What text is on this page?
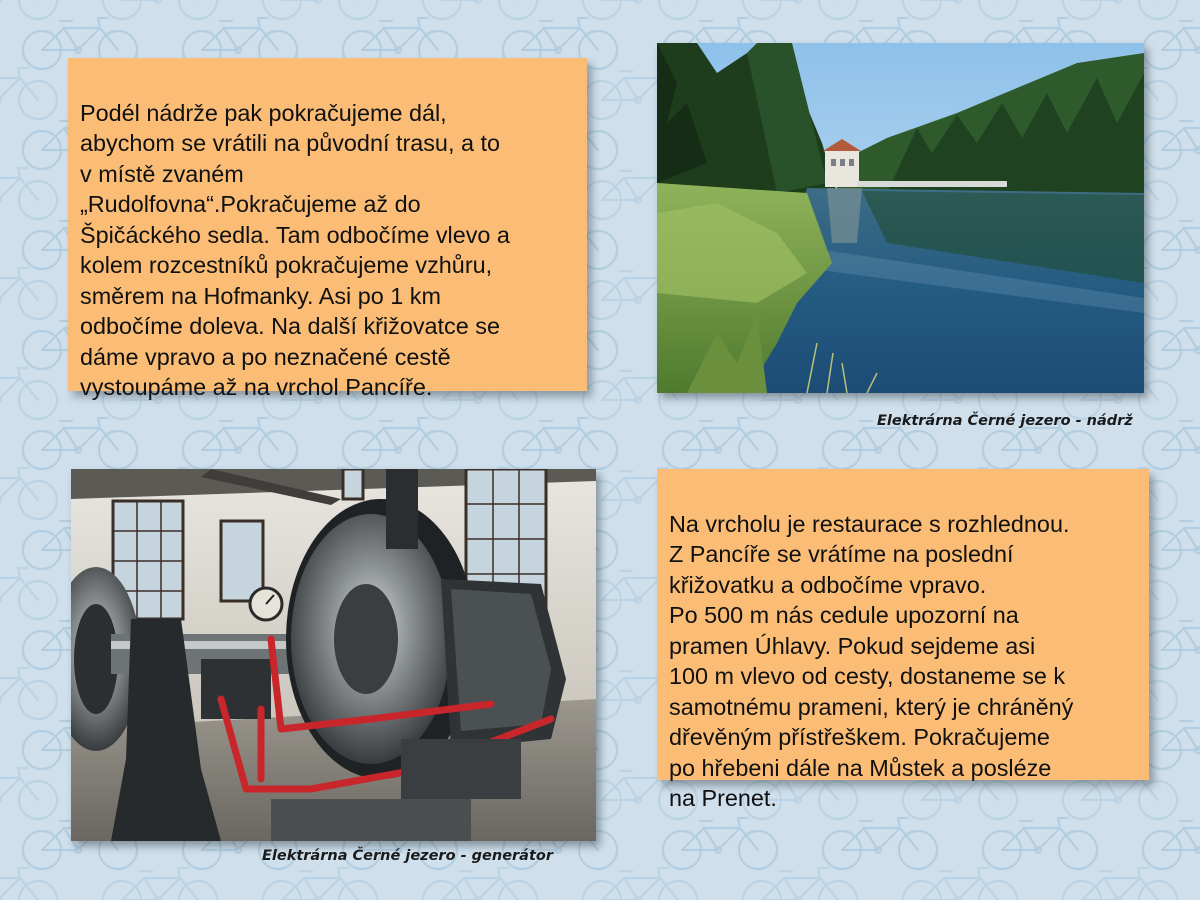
Podél nádrže pak pokračujeme dál,
abychom se vrátili na původní trasu, a to
v místě zvaném
„Rudolfovna“.Pokračujeme až do
Špičáckého sedla. Tam odbočíme vlevo a
kolem rozcestníků pokračujeme vzhůru,
směrem na Hofmanky. Asi po 1 km
odbočíme doleva. Na další křižovatce se
dáme vpravo a po neznačené cestě
vystoupáme až na vrchol Pancíře.

Elektrárna Černé jezero - nádrž
Elektrárna Černé jezero - generátor

Na vrcholu je restaurace s rozhlednou.
Z Pancíře se vrátíme na poslední
křižovatku a odbočíme vpravo.
Po 500 m nás cedule upozorní na
pramen Úhlavy. Pokud sejdeme asi
100 m vlevo od cesty, dostaneme se k
samotnému prameni, který je chráněný
dřevěným přístřeškem. Pokračujeme
po hřebeni dále na Můstek a posléze
na Prenet.
